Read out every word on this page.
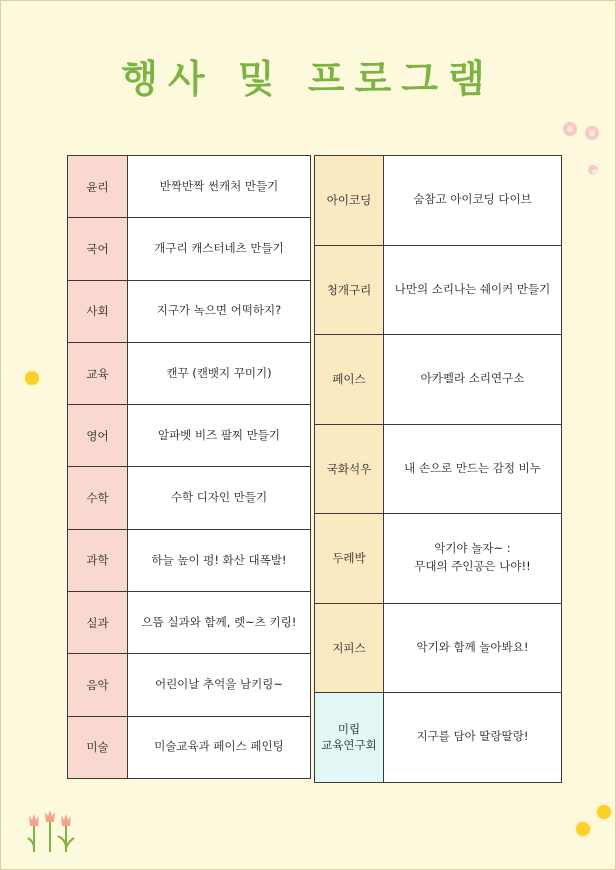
행사 및 프로그램
윤리	반짝반짝 썬캐처 만들기
국어	개구리 캐스터네츠 만들기
사회	지구가 녹으면 어떡하지?
교육	캔꾸 (캔뱃지 꾸미기)
영어	알파벳 비즈 팔찌 만들기
수학	수학 디자인 만들기
과학	하늘 높이 펑! 화산 대폭발!
실과	으뜸 실과와 함께, 렛~츠 키링!
음악	어린이날 추억을 남키링~
미술	미술교육과 페이스 페인팅
아이코딩	숨참고 아이코딩 다이브
청개구리	나만의 소리나는 쉐이커 만들기
페이스	아카펠라 소리연구소
국화석우	내 손으로 만드는 감정 비누
두레박	악기야 놀자~ :
무대의 주인공은 나야!!

지피스	악기와 함께 놀아봐요!

미립
교육연구회	지구를 담아 딸랑딸랑!
